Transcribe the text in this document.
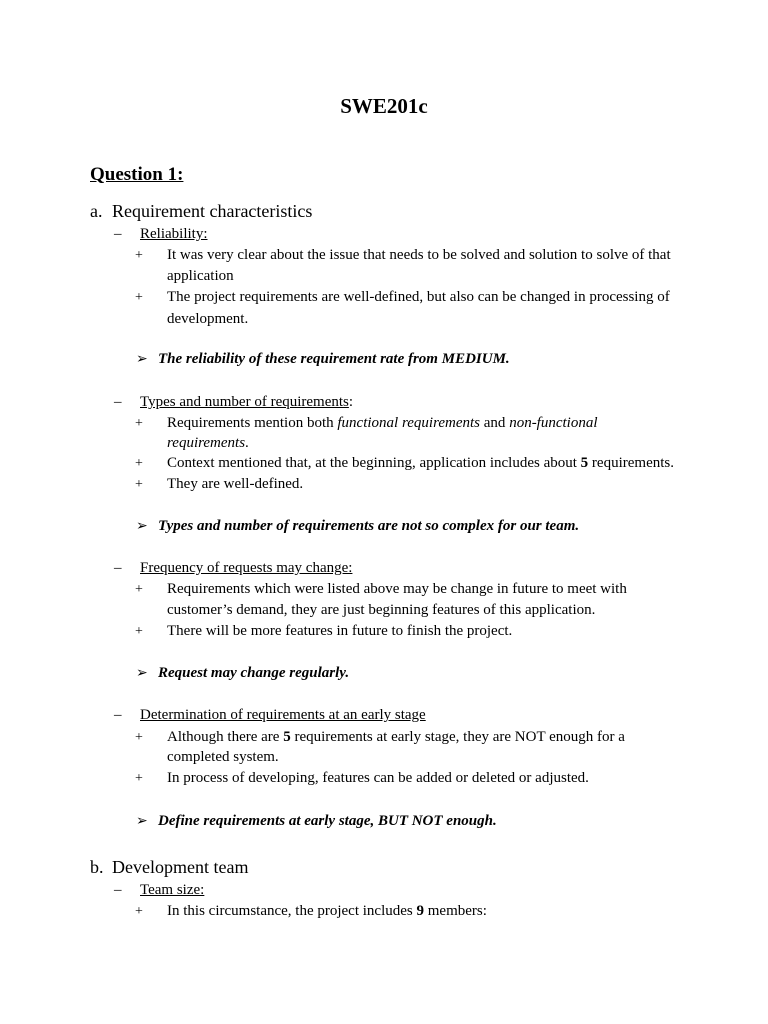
SWE201c
Question 1:
a. Requirement characteristics
– Reliability:
+ It was very clear about the issue that needs to be solved and solution to solve of that
application
+ The project requirements are well-defined, but also can be changed in processing of
development.
➢ The reliability of these requirement rate from MEDIUM.
– Types and number of requirements:
+ Requirements mention both functional requirements and non-functional
requirements.
+ Context mentioned that, at the beginning, application includes about 5 requirements.
+ They are well-defined.
➢ Types and number of requirements are not so complex for our team.
– Frequency of requests may change:
+ Requirements which were listed above may be change in future to meet with
customer’s demand, they are just beginning features of this application.
+ There will be more features in future to finish the project.
➢ Request may change regularly.
– Determination of requirements at an early stage
+ Although there are 5 requirements at early stage, they are NOT enough for a
completed system.
+ In process of developing, features can be added or deleted or adjusted.
➢ Define requirements at early stage, BUT NOT enough.
b. Development team
– Team size:
+ In this circumstance, the project includes 9 members:
